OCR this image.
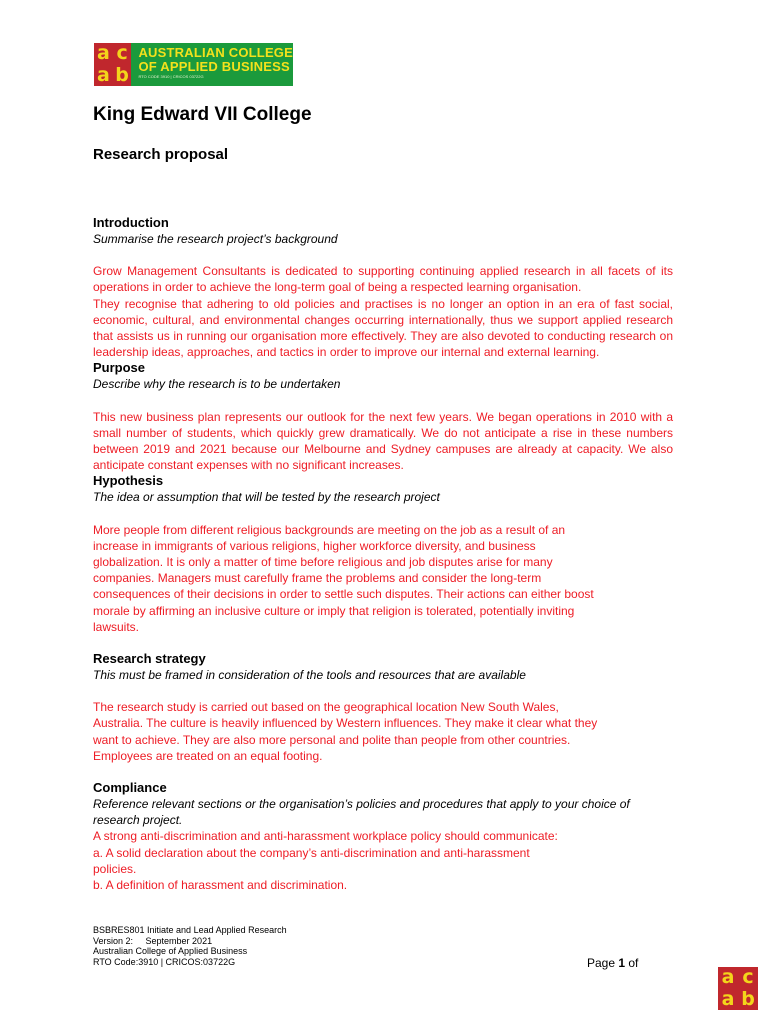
a c
a b
AUSTRALIAN COLLEGE
OF APPLIED BUSINESS
RTO CODE 3910 | CRICOS 03722G
King Edward VII College
Research proposal
Introduction
Summarise the research project’s background
Grow Management Consultants is dedicated to supporting continuing applied research in all facets of its operations in order to achieve the long-term goal of being a respected learning organisation.
They recognise that adhering to old policies and practises is no longer an option in an era of fast social, economic, cultural, and environmental changes occurring internationally, thus we support applied research that assists us in running our organisation more effectively. They are also devoted to conducting research on leadership ideas, approaches, and tactics in order to improve our internal and external learning.
Purpose
Describe why the research is to be undertaken
This new business plan represents our outlook for the next few years. We began operations in 2010 with a small number of students, which quickly grew dramatically. We do not anticipate a rise in these numbers between 2019 and 2021 because our Melbourne and Sydney campuses are already at capacity. We also anticipate constant expenses with no significant increases.
Hypothesis
The idea or assumption that will be tested by the research project
More people from different religious backgrounds are meeting on the job as a result of an
increase in immigrants of various religions, higher workforce diversity, and business
globalization. It is only a matter of time before religious and job disputes arise for many
companies. Managers must carefully frame the problems and consider the long-term
consequences of their decisions in order to settle such disputes. Their actions can either boost
morale by affirming an inclusive culture or imply that religion is tolerated, potentially inviting
lawsuits.
Research strategy
This must be framed in consideration of the tools and resources that are available
The research study is carried out based on the geographical location New South Wales,
Australia. The culture is heavily influenced by Western influences. They make it clear what they
want to achieve. They are also more personal and polite than people from other countries.
Employees are treated on an equal footing.
Compliance
Reference relevant sections or the organisation’s policies and procedures that apply to your choice of research project.
A strong anti-discrimination and anti-harassment workplace policy should communicate:
a. A solid declaration about the company’s anti-discrimination and anti-harassment
policies.
b. A definition of harassment and discrimination.
BSBRES801 Initiate and Lead Applied Research
Version 2:     September 2021
Australian College of Applied Business
RTO Code:3910 | CRICOS:03722G	Page 1 of
a c
a b
